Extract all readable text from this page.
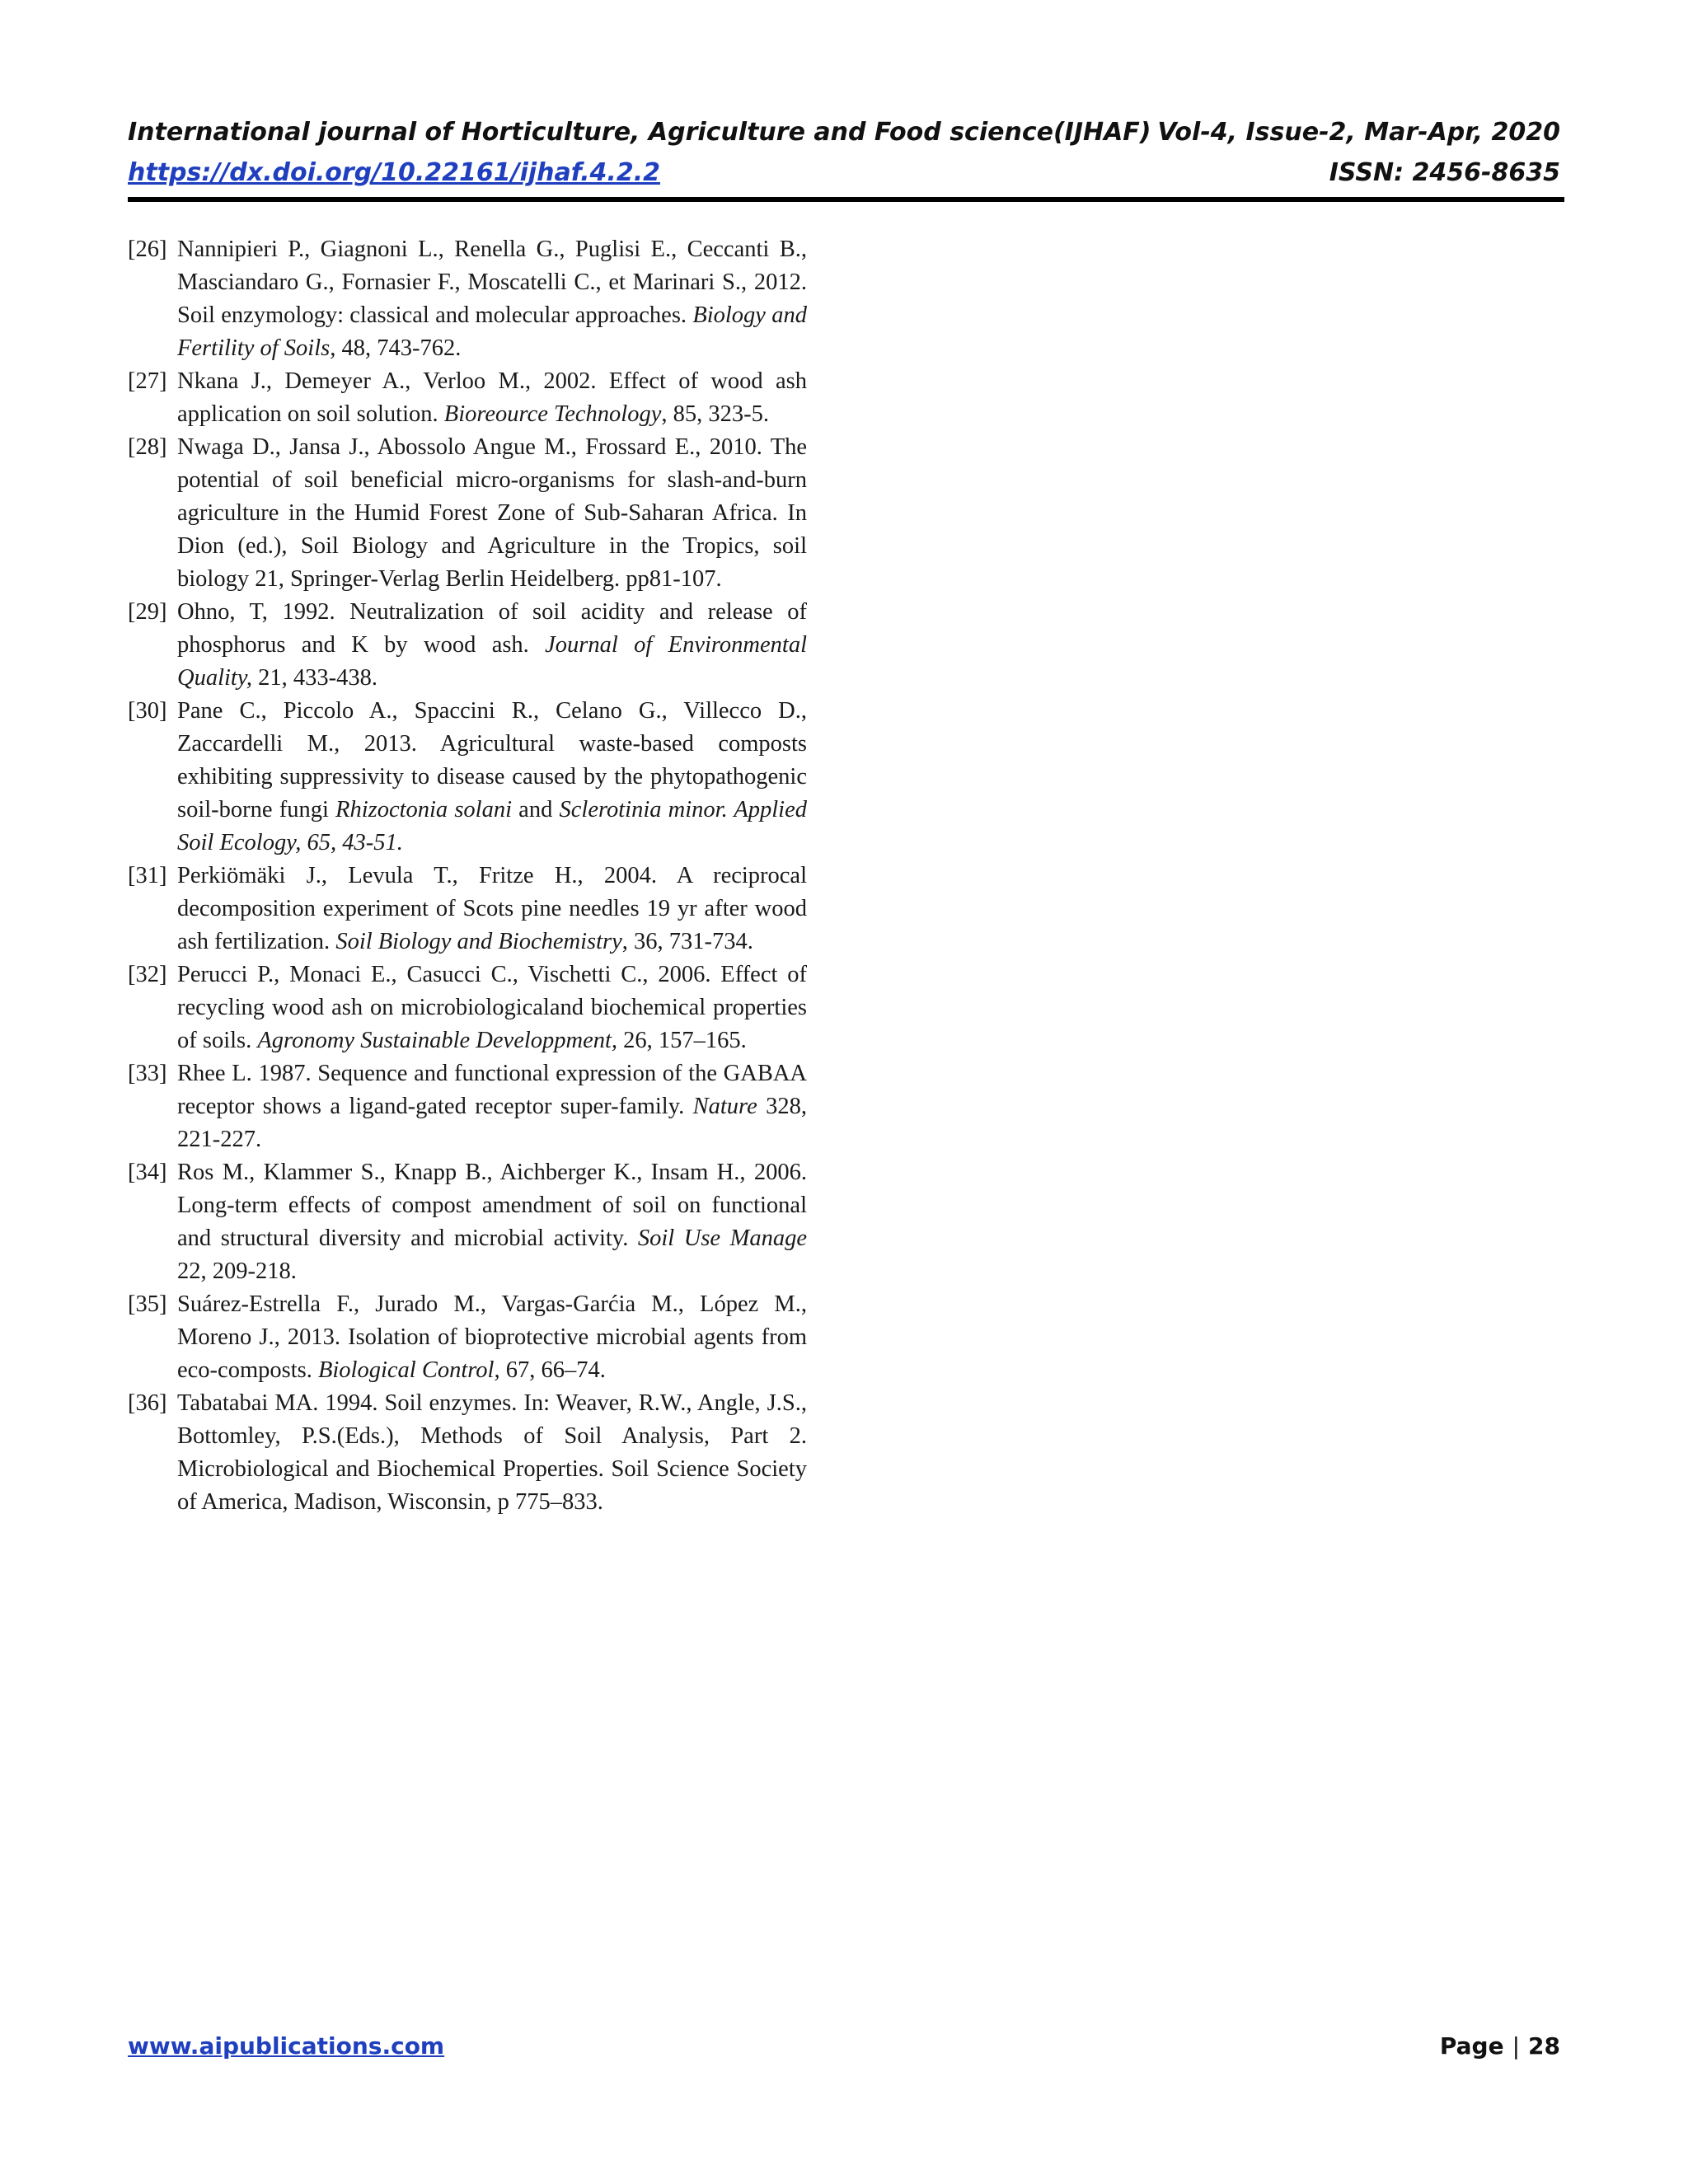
International journal of Horticulture, Agriculture and Food science(IJHAF) Vol-4, Issue-2, Mar-Apr, 2020
https://dx.doi.org/10.22161/ijhaf.4.2.2	ISSN: 2456-8635
[26] Nannipieri P., Giagnoni L., Renella G., Puglisi E., Ceccanti B., Masciandaro G., Fornasier F., Moscatelli C., et Marinari S., 2012. Soil enzymology: classical and molecular approaches. Biology and Fertility of Soils, 48, 743-762.
[27] Nkana J., Demeyer A., Verloo M., 2002. Effect of wood ash application on soil solution. Bioreource Technology, 85, 323-5.
[28] Nwaga D., Jansa J., Abossolo Angue M., Frossard E., 2010. The potential of soil beneficial micro-organisms for slash-and-burn agriculture in the Humid Forest Zone of Sub-Saharan Africa. In Dion (ed.), Soil Biology and Agriculture in the Tropics, soil biology 21, Springer-Verlag Berlin Heidelberg. pp81-107.
[29] Ohno, T, 1992. Neutralization of soil acidity and release of phosphorus and K by wood ash. Journal of Environmental Quality, 21, 433-438.
[30] Pane C., Piccolo A., Spaccini R., Celano G., Villecco D., Zaccardelli M., 2013. Agricultural waste-based composts exhibiting suppressivity to disease caused by the phytopathogenic soil-borne fungi Rhizoctonia solani and Sclerotinia minor. Applied Soil Ecology, 65, 43-51.
[31] Perkiömäki J., Levula T., Fritze H., 2004. A reciprocal decomposition experiment of Scots pine needles 19 yr after wood ash fertilization. Soil Biology and Biochemistry, 36, 731-734.
[32] Perucci P., Monaci E., Casucci C., Vischetti C., 2006. Effect of recycling wood ash on microbiologicaland biochemical properties of soils. Agronomy Sustainable Developpment, 26, 157–165.
[33] Rhee L. 1987. Sequence and functional expression of the GABAA receptor shows a ligand-gated receptor super-family. Nature 328, 221-227.
[34] Ros M., Klammer S., Knapp B., Aichberger K., Insam H., 2006. Long-term effects of compost amendment of soil on functional and structural diversity and microbial activity. Soil Use Manage 22, 209-218.
[35] Suárez-Estrella F., Jurado M., Vargas-Garćia M., López M., Moreno J., 2013. Isolation of bioprotective microbial agents from eco-composts. Biological Control, 67, 66–74.
[36] Tabatabai MA. 1994. Soil enzymes. In: Weaver, R.W., Angle, J.S., Bottomley, P.S.(Eds.), Methods of Soil Analysis, Part 2. Microbiological and Biochemical Properties. Soil Science Society of America, Madison, Wisconsin, p 775–833.
www.aipublications.com	Page | 28
